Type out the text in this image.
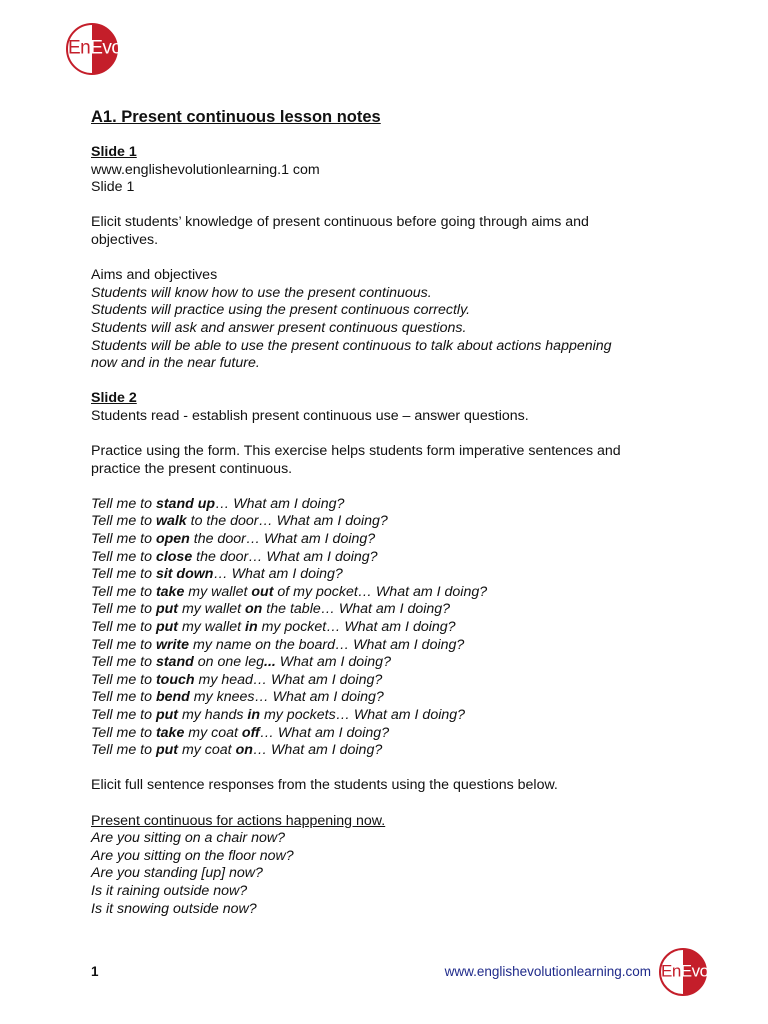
EnEvo
A1. Present continuous lesson notes
Slide 1
www.englishevolutionlearning.1 com
Slide 1
Elicit students’ knowledge of present continuous before going through aims and
objectives.
Aims and objectives
Students will know how to use the present continuous.
Students will practice using the present continuous correctly.
Students will ask and answer present continuous questions.
Students will be able to use the present continuous to talk about actions happening
now and in the near future.
Slide 2
Students read - establish present continuous use – answer questions.
Practice using the form. This exercise helps students form imperative sentences and
practice the present continuous.
Tell me to stand up… What am I doing?
Tell me to walk to the door… What am I doing?
Tell me to open the door… What am I doing?
Tell me to close the door… What am I doing?
Tell me to sit down… What am I doing?
Tell me to take my wallet out of my pocket… What am I doing?
Tell me to put my wallet on the table… What am I doing?
Tell me to put my wallet in my pocket… What am I doing?
Tell me to write my name on the board… What am I doing?
Tell me to stand on one leg... What am I doing?
Tell me to touch my head… What am I doing?
Tell me to bend my knees… What am I doing?
Tell me to put my hands in my pockets… What am I doing?
Tell me to take my coat off… What am I doing?
Tell me to put my coat on… What am I doing?
Elicit full sentence responses from the students using the questions below.
Present continuous for actions happening now.
Are you sitting on a chair now?
Are you sitting on the floor now?
Are you standing [up] now?
Is it raining outside now?
Is it snowing outside now?
1	www.englishevolutionlearning.com EnEvo
